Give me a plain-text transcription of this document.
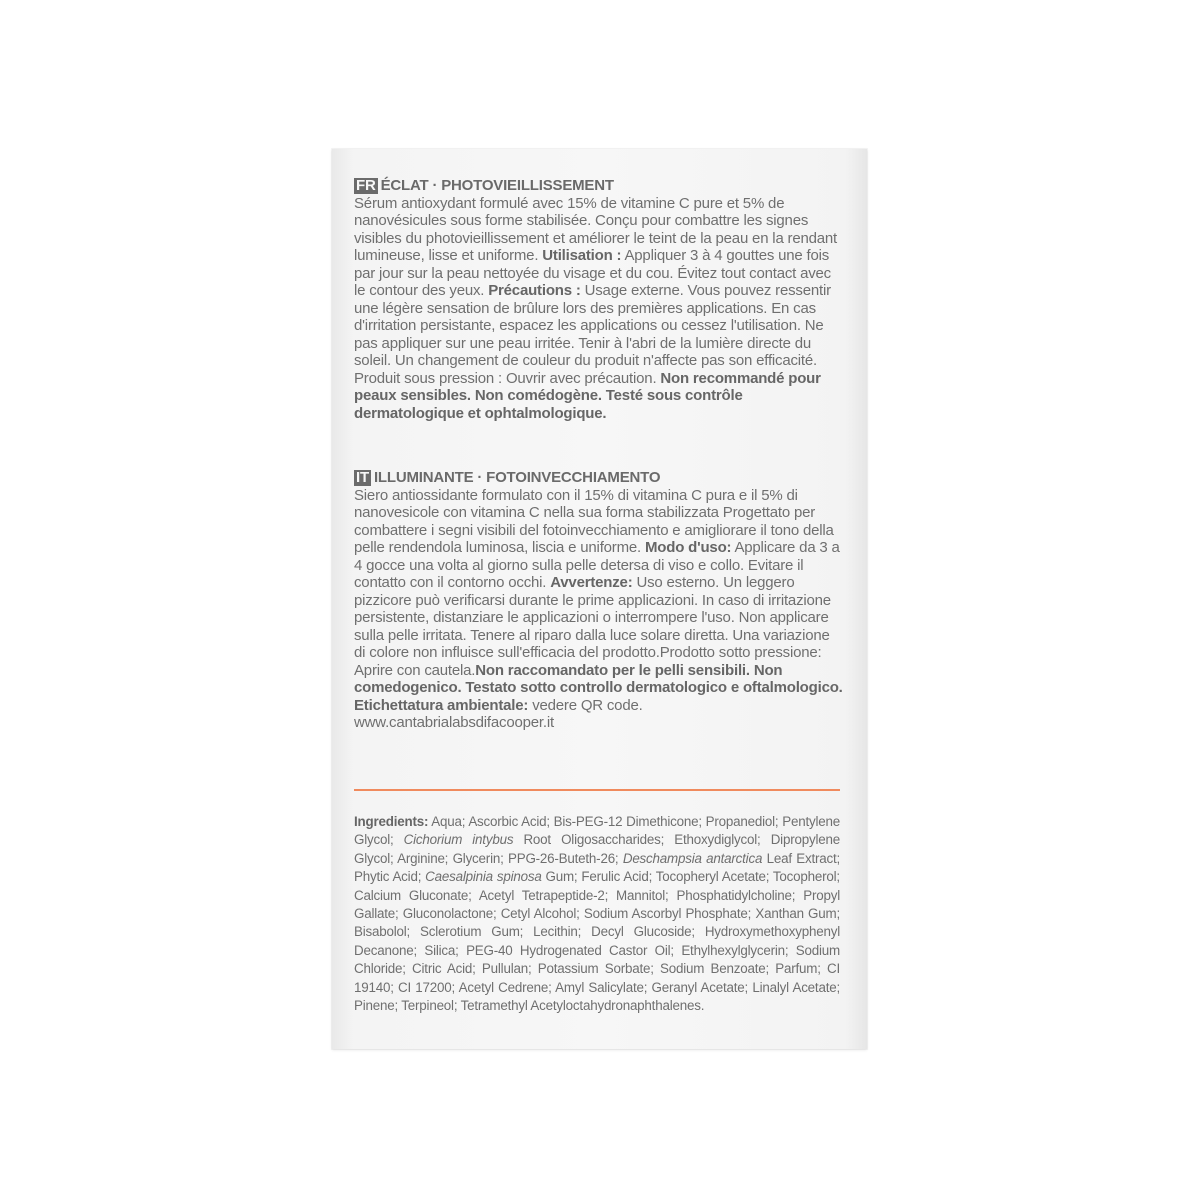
FR ÉCLAT · PHOTOVIEILLISSEMENT
Sérum antioxydant formulé avec 15% de vitamine C pure et 5% de nanovésicules sous forme stabilisée. Conçu pour combattre les signes visibles du photovieillissement et améliorer le teint de la peau en la rendant lumineuse, lisse et uniforme. Utilisation : Appliquer 3 à 4 gouttes une fois par jour sur la peau nettoyée du visage et du cou. Évitez tout contact avec le contour des yeux. Précautions : Usage externe. Vous pouvez ressentir une légère sensation de brûlure lors des premières applications. En cas d'irritation persistante, espacez les applications ou cessez l'utilisation. Ne pas appliquer sur une peau irritée. Tenir à l'abri de la lumière directe du soleil. Un changement de couleur du produit n'affecte pas son efficacité. Produit sous pression : Ouvrir avec précaution. Non recommandé pour peaux sensibles. Non comédogène. Testé sous contrôle dermatologique et ophtalmologique.
IT ILLUMINANTE · FOTOINVECCHIAMENTO
Siero antiossidante formulato con il 15% di vitamina C pura e il 5% di nanovesicole con vitamina C nella sua forma stabilizzata Progettato per combattere i segni visibili del fotoinvecchiamento e amigliorare il tono della pelle rendendola luminosa, liscia e uniforme. Modo d'uso: Applicare da 3 a 4 gocce una volta al giorno sulla pelle detersa di viso e collo. Evitare il contatto con il contorno occhi. Avvertenze: Uso esterno. Un leggero pizzicore può verificarsi durante le prime applicazioni. In caso di irritazione persistente, distanziare le applicazioni o interrompere l'uso. Non applicare sulla pelle irritata. Tenere al riparo dalla luce solare diretta. Una variazione di colore non influisce sull'efficacia del prodotto.Prodotto sotto pressione: Aprire con cautela.Non raccomandato per le pelli sensibili. Non comedogenico. Testato sotto controllo dermatologico e oftalmologico. Etichettatura ambientale: vedere QR code.
www.cantabrialabsdifacooper.it
Ingredients: Aqua; Ascorbic Acid; Bis-PEG-12 Dimethicone; Propanediol; Pentylene Glycol; Cichorium intybus Root Oligosaccharides; Ethoxydiglycol; Dipropylene Glycol; Arginine; Glycerin; PPG-26-Buteth-26; Deschampsia antarctica Leaf Extract; Phytic Acid; Caesalpinia spinosa Gum; Ferulic Acid; Tocopheryl Acetate; Tocopherol; Calcium Gluconate; Acetyl Tetrapeptide-2; Mannitol; Phosphatidylcholine; Propyl Gallate; Gluconolactone; Cetyl Alcohol; Sodium Ascorbyl Phosphate; Xanthan Gum; Bisabolol; Sclerotium Gum; Lecithin; Decyl Glucoside; Hydroxymethoxyphenyl Decanone; Silica; PEG-40 Hydrogenated Castor Oil; Ethylhexylglycerin; Sodium Chloride; Citric Acid; Pullulan; Potassium Sorbate; Sodium Benzoate; Parfum; CI 19140; CI 17200; Acetyl Cedrene; Amyl Salicylate; Geranyl Acetate; Linalyl Acetate; Pinene; Terpineol; Tetramethyl Acetyloctahydronaphthalenes.
